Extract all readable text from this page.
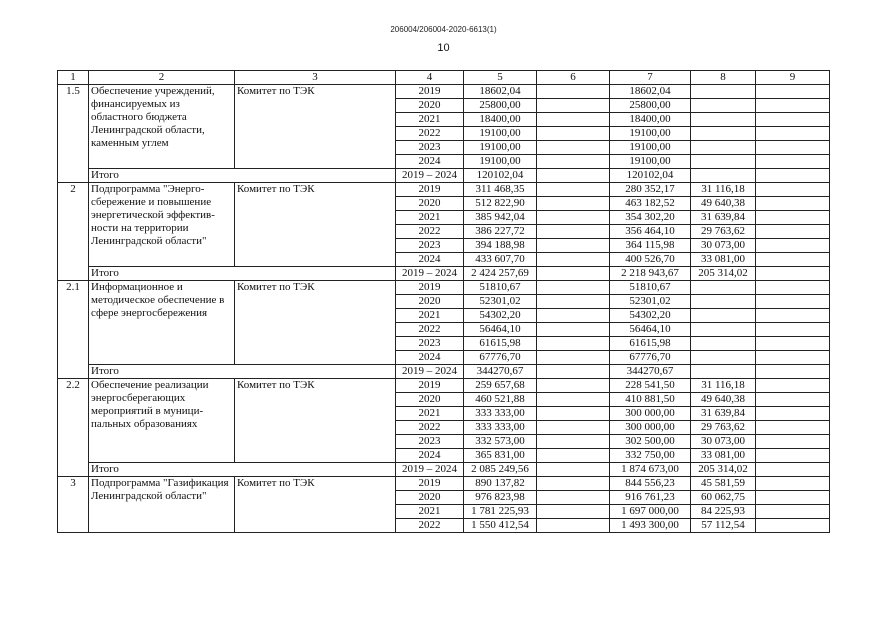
206004/206004-2020-6613(1)
10
1	2	3	4	5	6	7	8	9
1.5	Обеспечение учреждений, финансируемых из областного бюджета Ленинградской области, каменным углем	Комитет по ТЭК	2019	18602,04		18602,04		
			2020	25800,00		25800,00		
			2021	18400,00		18400,00		
			2022	19100,00		19100,00		
			2023	19100,00		19100,00		
			2024	19100,00		19100,00		
	Итого		2019 – 2024	120102,04		120102,04		
2	Подпрограмма "Энерго-сбережение и повышение энергетической эффектив-ности на территории Ленинградской области"	Комитет по ТЭК	2019	311 468,35		280 352,17	31 116,18	
			2020	512 822,90		463 182,52	49 640,38	
			2021	385 942,04		354 302,20	31 639,84	
			2022	386 227,72		356 464,10	29 763,62	
			2023	394 188,98		364 115,98	30 073,00	
			2024	433 607,70		400 526,70	33 081,00	
	Итого		2019 – 2024	2 424 257,69		2 218 943,67	205 314,02	
2.1	Информационное и методическое обеспечение в сфере энергосбережения	Комитет по ТЭК	2019	51810,67		51810,67		
			2020	52301,02		52301,02		
			2021	54302,20		54302,20		
			2022	56464,10		56464,10		
			2023	61615,98		61615,98		
			2024	67776,70		67776,70		
	Итого		2019 – 2024	344270,67		344270,67		
2.2	Обеспечение реализации энергосберегающих мероприятий в муници-пальных образованиях	Комитет по ТЭК	2019	259 657,68		228 541,50	31 116,18	
			2020	460 521,88		410 881,50	49 640,38	
			2021	333 333,00		300 000,00	31 639,84	
			2022	333 333,00		300 000,00	29 763,62	
			2023	332 573,00		302 500,00	30 073,00	
			2024	365 831,00		332 750,00	33 081,00	
	Итого		2019 – 2024	2 085 249,56		1 874 673,00	205 314,02	
3	Подпрограмма "Газификация Ленинградской области"	Комитет по ТЭК	2019	890 137,82		844 556,23	45 581,59	
			2020	976 823,98		916 761,23	60 062,75	
			2021	1 781 225,93		1 697 000,00	84 225,93	
			2022	1 550 412,54		1 493 300,00	57 112,54	
